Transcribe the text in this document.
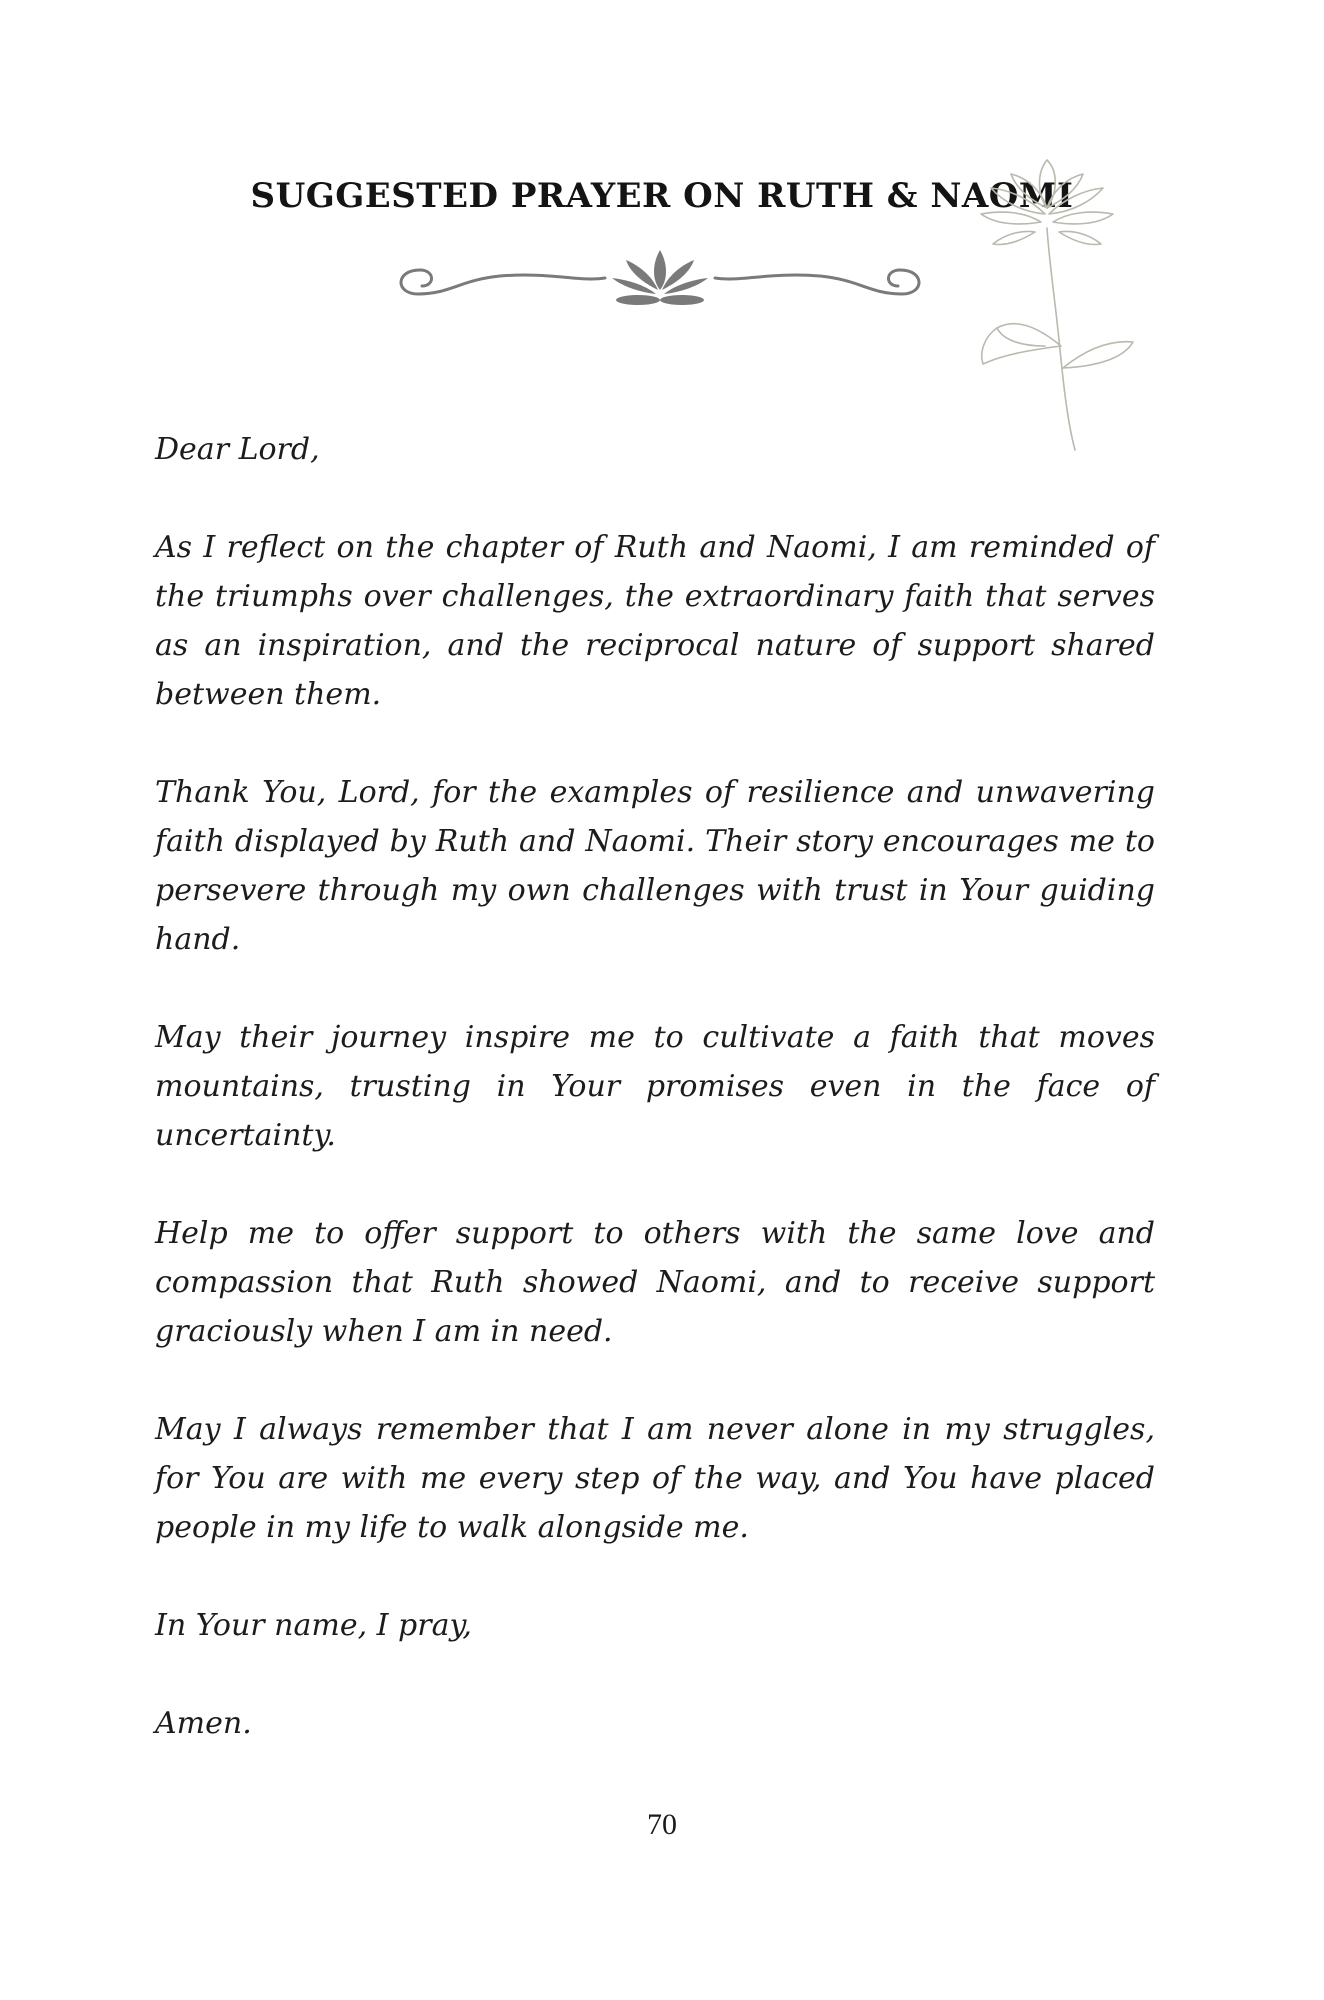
SUGGESTED PRAYER ON RUTH & NAOMI

Dear Lord,

As I reflect on the chapter of Ruth and Naomi, I am reminded of the triumphs over challenges, the extraordinary faith that serves as an inspiration, and the reciprocal nature of support shared between them.

Thank You, Lord, for the examples of resilience and unwavering faith displayed by Ruth and Naomi. Their story encourages me to persevere through my own challenges with trust in Your guiding hand.

May their journey inspire me to cultivate a faith that moves mountains, trusting in Your promises even in the face of uncertainty.

Help me to offer support to others with the same love and compassion that Ruth showed Naomi, and to receive support graciously when I am in need.

May I always remember that I am never alone in my struggles, for You are with me every step of the way, and You have placed people in my life to walk alongside me.

In Your name, I pray,

Amen.

70
